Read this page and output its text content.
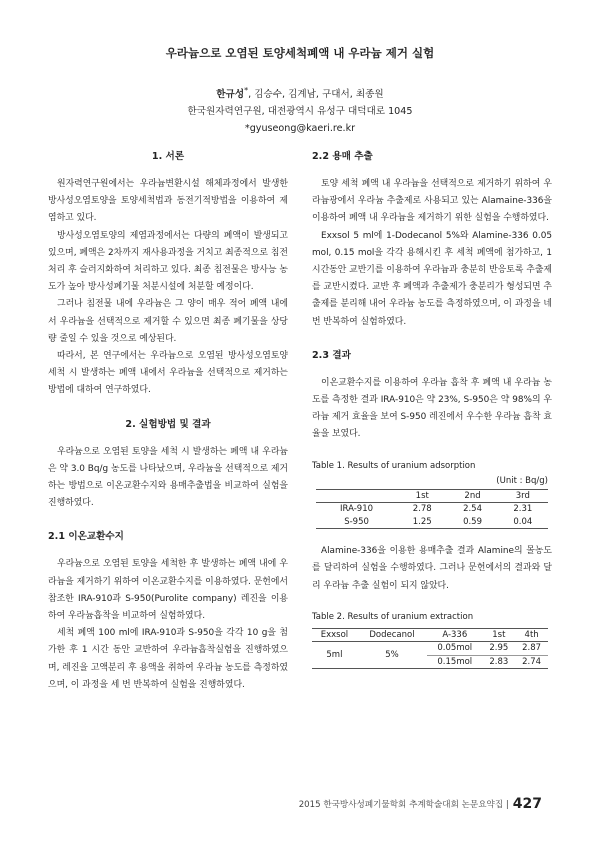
우라늄으로 오염된 토양세척폐액 내 우라늄 제거 실험
한규성*, 김승수, 김계남, 구대서, 최종원
한국원자력연구원, 대전광역시 유성구 대덕대로 1045
*gyuseong@kaeri.re.kr
1. 서론

원자력연구원에서는 우라늄변환시설 해체과정에서 발생한 방사성오염토양을 토양세척법과 동전기적방법을 이용하여 제염하고 있다.

방사성오염토양의 제염과정에서는 다량의 폐액이 발생되고 있으며, 폐액은 2차까지 재사용과정을 거치고 최종적으로 침전처리 후 슬러지화하여 처리하고 있다. 최종 침전물은 방사능 농도가 높아 방사성폐기물 처분시설에 처분할 예정이다.

그러나 침전물 내에 우라늄은 그 양이 매우 적어 폐액 내에서 우라늄을 선택적으로 제거할 수 있으면 최종 폐기물을 상당량 줄일 수 있을 것으로 예상된다.

따라서, 본 연구에서는 우라늄으로 오염된 방사성오염토양 세척 시 발생하는 폐액 내에서 우라늄을 선택적으로 제거하는 방법에 대하여 연구하였다.

2. 실험방법 및 결과

우라늄으로 오염된 토양을 세척 시 발생하는 폐액 내 우라늄은 약 3.0 Bq/g 농도를 나타났으며, 우라늄을 선택적으로 제거하는 방법으로 이온교환수지와 용매추출법을 비교하여 실험을 진행하였다.

2.1 이온교환수지

우라늄으로 오염된 토양을 세척한 후 발생하는 폐액 내에 우라늄을 제거하기 위하여 이온교환수지를 이용하였다. 문헌에서 참조한 IRA-910과 S-950(Purolite company) 레진을 이용하여 우라늄흡착을 비교하여 실험하였다.

세척 폐액 100 ml에 IRA-910과 S-950을 각각 10 g을 첨가한 후 1 시간 동안 교반하여 우라늄흡착실험을 진행하였으며, 레진을 고액분리 후 용액을 취하여 우라늄 농도를 측정하였으며, 이 과정을 세 번 반복하여 실험을 진행하였다.

2.2 용매 추출

토양 세척 폐액 내 우라늄을 선택적으로 제거하기 위하여 우라늄광에서 우라늄 추출제로 사용되고 있는 Alamaine-336을 이용하여 폐액 내 우라늄을 제거하기 위한 실험을 수행하였다.

Exxsol 5 ml에 1-Dodecanol 5%와 Alamine-336 0.05 mol, 0.15 mol을 각각 용해시킨 후 세척 폐액에 첨가하고, 1 시간동안 교반기를 이용하여 우라늄과 충분히 반응토록 추출제를 교반시켰다. 교반 후 폐액과 추출제가 충분리가 형성되면 추출제를 분리해 내어 우라늄 농도를 측정하였으며, 이 과정을 네 번 반복하여 실험하였다.

2.3 결과

이온교환수지를 이용하여 우라늄 흡착 후 폐액 내 우라늄 농도를 측정한 결과 IRA-910은 약 23%, S-950은 약 98%의 우라늄 제거 효율을 보여 S-950 레진에서 우수한 우라늄 흡착 효율을 보였다.

Table 1. Results of uranium adsorption
(Unit : Bq/g)
	1st	2nd	3rd
IRA-910	2.78	2.54	2.31
S-950	1.25	0.59	0.04

Alamine-336을 이용한 용매추출 결과 Alamine의 몰농도를 달리하여 실험을 수행하였다. 그러나 문헌에서의 결과와 달리 우라늄 추출 실험이 되지 않았다.

Table 2. Results of uranium extraction
Exxsol	Dodecanol	A-336	1st	4th
5ml	5%	0.05mol	2.95	2.87
		0.15mol	2.83	2.74
2015 한국방사성폐기물학회 추계학술대회 논문요약집 | 427
